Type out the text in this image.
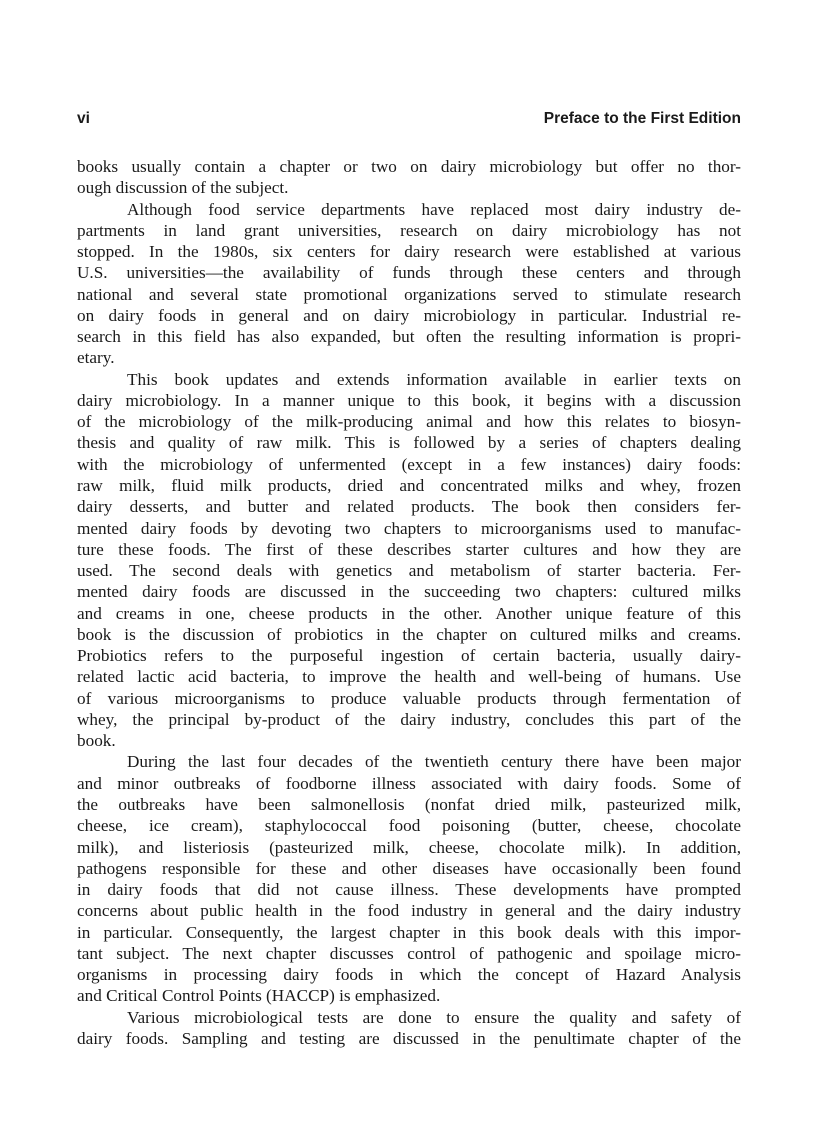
vi	Preface to the First Edition
books usually contain a chapter or two on dairy microbiology but offer no thor-
ough discussion of the subject.
Although food service departments have replaced most dairy industry de-
partments in land grant universities, research on dairy microbiology has not
stopped. In the 1980s, six centers for dairy research were established at various
U.S. universities—the availability of funds through these centers and through
national and several state promotional organizations served to stimulate research
on dairy foods in general and on dairy microbiology in particular. Industrial re-
search in this field has also expanded, but often the resulting information is propri-
etary.
This book updates and extends information available in earlier texts on
dairy microbiology. In a manner unique to this book, it begins with a discussion
of the microbiology of the milk-producing animal and how this relates to biosyn-
thesis and quality of raw milk. This is followed by a series of chapters dealing
with the microbiology of unfermented (except in a few instances) dairy foods:
raw milk, fluid milk products, dried and concentrated milks and whey, frozen
dairy desserts, and butter and related products. The book then considers fer-
mented dairy foods by devoting two chapters to microorganisms used to manufac-
ture these foods. The first of these describes starter cultures and how they are
used. The second deals with genetics and metabolism of starter bacteria. Fer-
mented dairy foods are discussed in the succeeding two chapters: cultured milks
and creams in one, cheese products in the other. Another unique feature of this
book is the discussion of probiotics in the chapter on cultured milks and creams.
Probiotics refers to the purposeful ingestion of certain bacteria, usually dairy-
related lactic acid bacteria, to improve the health and well-being of humans. Use
of various microorganisms to produce valuable products through fermentation of
whey, the principal by-product of the dairy industry, concludes this part of the
book.
During the last four decades of the twentieth century there have been major
and minor outbreaks of foodborne illness associated with dairy foods. Some of
the outbreaks have been salmonellosis (nonfat dried milk, pasteurized milk,
cheese, ice cream), staphylococcal food poisoning (butter, cheese, chocolate
milk), and listeriosis (pasteurized milk, cheese, chocolate milk). In addition,
pathogens responsible for these and other diseases have occasionally been found
in dairy foods that did not cause illness. These developments have prompted
concerns about public health in the food industry in general and the dairy industry
in particular. Consequently, the largest chapter in this book deals with this impor-
tant subject. The next chapter discusses control of pathogenic and spoilage micro-
organisms in processing dairy foods in which the concept of Hazard Analysis
and Critical Control Points (HACCP) is emphasized.
Various microbiological tests are done to ensure the quality and safety of
dairy foods. Sampling and testing are discussed in the penultimate chapter of the
